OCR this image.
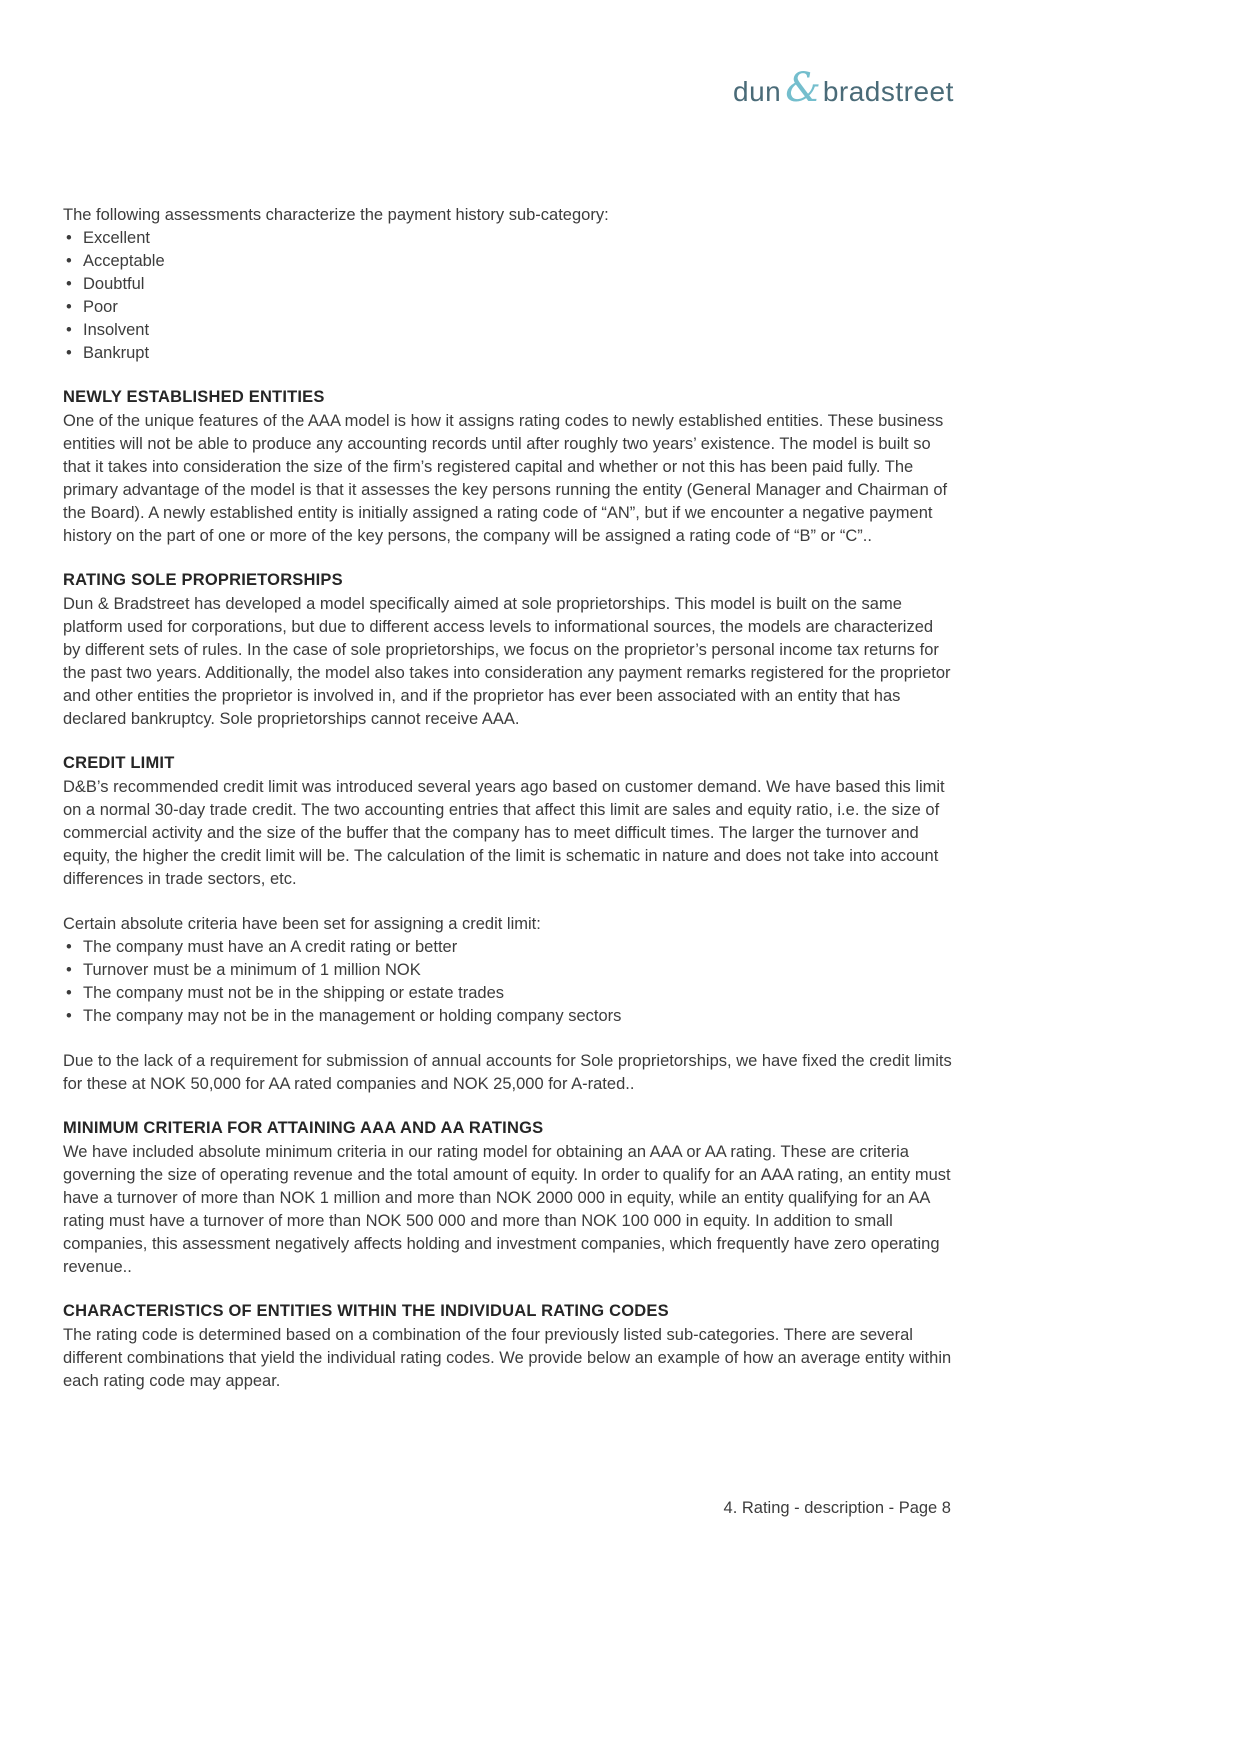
dun & bradstreet

The following assessments characterize the payment history sub-category:

• Excellent
• Acceptable
• Doubtful
• Poor
• Insolvent
• Bankrupt
NEWLY ESTABLISHED ENTITIES

One of the unique features of the AAA model is how it assigns rating codes to newly established entities. These business entities will not be able to produce any accounting records until after roughly two years’ existence. The model is built so that it takes into consideration the size of the firm’s registered capital and whether or not this has been paid fully. The primary advantage of the model is that it assesses the key persons running the entity (General Manager and Chairman of the Board). A newly established entity is initially assigned a rating code of “AN”, but if we encounter a negative payment history on the part of one or more of the key persons, the company will be assigned a rating code of “B” or “C”..

RATING SOLE PROPRIETORSHIPS

Dun & Bradstreet has developed a model specifically aimed at sole proprietorships. This model is built on the same platform used for corporations, but due to different access levels to informational sources, the models are characterized by different sets of rules. In the case of sole proprietorships, we focus on the proprietor’s personal income tax returns for the past two years. Additionally, the model also takes into consideration any payment remarks registered for the proprietor and other entities the proprietor is involved in, and if the proprietor has ever been associated with an entity that has declared bankruptcy. Sole proprietorships cannot receive AAA.

CREDIT LIMIT

D&B’s recommended credit limit was introduced several years ago based on customer demand. We have based this limit on a normal 30-day trade credit. The two accounting entries that affect this limit are sales and equity ratio, i.e. the size of commercial activity and the size of the buffer that the company has to meet difficult times. The larger the turnover and equity, the higher the credit limit will be. The calculation of the limit is schematic in nature and does not take into account differences in trade sectors, etc.

Certain absolute criteria have been set for assigning a credit limit:

• The company must have an A credit rating or better
• Turnover must be a minimum of 1 million NOK
• The company must not be in the shipping or estate trades
• The company may not be in the management or holding company sectors

Due to the lack of a requirement for submission of annual accounts for Sole proprietorships, we have fixed the credit limits for these at NOK 50,000 for AA rated companies and NOK 25,000 for A-rated..

MINIMUM CRITERIA FOR ATTAINING AAA AND AA RATINGS

We have included absolute minimum criteria in our rating model for obtaining an AAA or AA rating. These are criteria governing the size of operating revenue and the total amount of equity. In order to qualify for an AAA rating, an entity must have a turnover of more than NOK 1 million and more than NOK 2000 000 in equity, while an entity qualifying for an AA rating must have a turnover of more than NOK 500 000 and more than NOK 100 000 in equity. In addition to small companies, this assessment negatively affects holding and investment companies, which frequently have zero operating revenue..

CHARACTERISTICS OF ENTITIES WITHIN THE INDIVIDUAL RATING CODES

The rating code is determined based on a combination of the four previously listed sub-categories. There are several different combinations that yield the individual rating codes. We provide below an example of how an average entity within each rating code may appear.

4. Rating - description - Page 8
